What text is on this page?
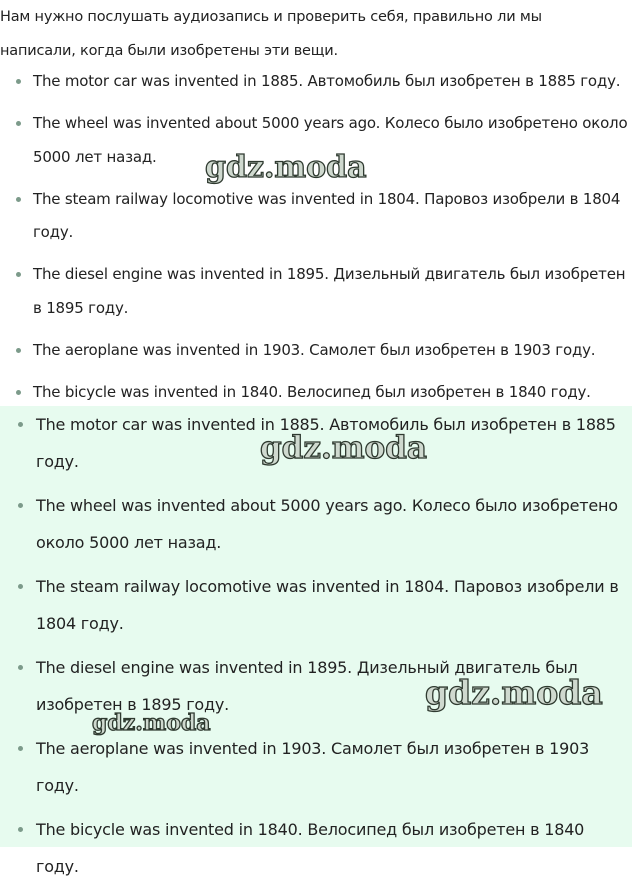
Нам нужно послушать аудиозапись и проверить себя, правильно ли мы
написали, когда были изобретены эти вещи.

The motor car was invented in 1885. Автомобиль был изобретен в 1885 году.
The wheel was invented about 5000 years ago. Колесо было изобретено около 5000 лет назад.
The steam railway locomotive was invented in 1804. Паровоз изобрели в 1804 году.
The diesel engine was invented in 1895. Дизельный двигатель был изобретен в 1895 году.
The aeroplane was invented in 1903. Самолет был изобретен в 1903 году.
The bicycle was invented in 1840. Велосипед был изобретен в 1840 году.
The motor car was invented in 1885. Автомобиль был изобретен в 1885 году.
The wheel was invented about 5000 years ago. Колесо было изобретено около 5000 лет назад.
The steam railway locomotive was invented in 1804. Паровоз изобрели в 1804 году.
The diesel engine was invented in 1895. Дизельный двигатель был изобретен в 1895 году.
The aeroplane was invented in 1903. Самолет был изобретен в 1903 году.
The bicycle was invented in 1840. Велосипед был изобретен в 1840 году.
gdz.moda
gdz.moda
gdz.moda
gdz.moda
